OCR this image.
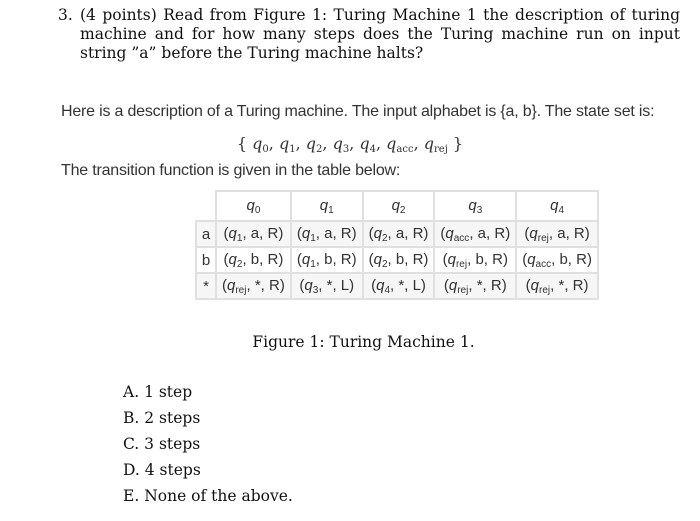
3. (4 points) Read from Figure 1: Turing Machine 1 the description of turing machine and for how many steps does the Turing machine run on input string ”a” before the Turing machine halts?
Here is a description of a Turing machine. The input alphabet is {a, b}. The state set is:
{ $q_0$, $q_1$, $q_2$, $q_3$, $q_4$, $q_{acc}$, $q_{rej}$ }
The transition function is given in the table below:
	$q_0$	$q_1$	$q_2$	$q_3$	$q_4$
a	($q_1$, a, R)	($q_1$, a, R)	($q_2$, a, R)	($q_{acc}$, a, R)	($q_{rej}$, a, R)
b	($q_2$, b, R)	($q_1$, b, R)	($q_2$, b, R)	($q_{rej}$, b, R)	($q_{acc}$, b, R)
*	($q_{rej}$, *, R)	($q_3$, *, L)	($q_4$, *, L)	($q_{rej}$, *, R)	($q_{rej}$, *, R)
Figure 1: Turing Machine 1.
A. 1 step
B. 2 steps
C. 3 steps
D. 4 steps
E. None of the above.
